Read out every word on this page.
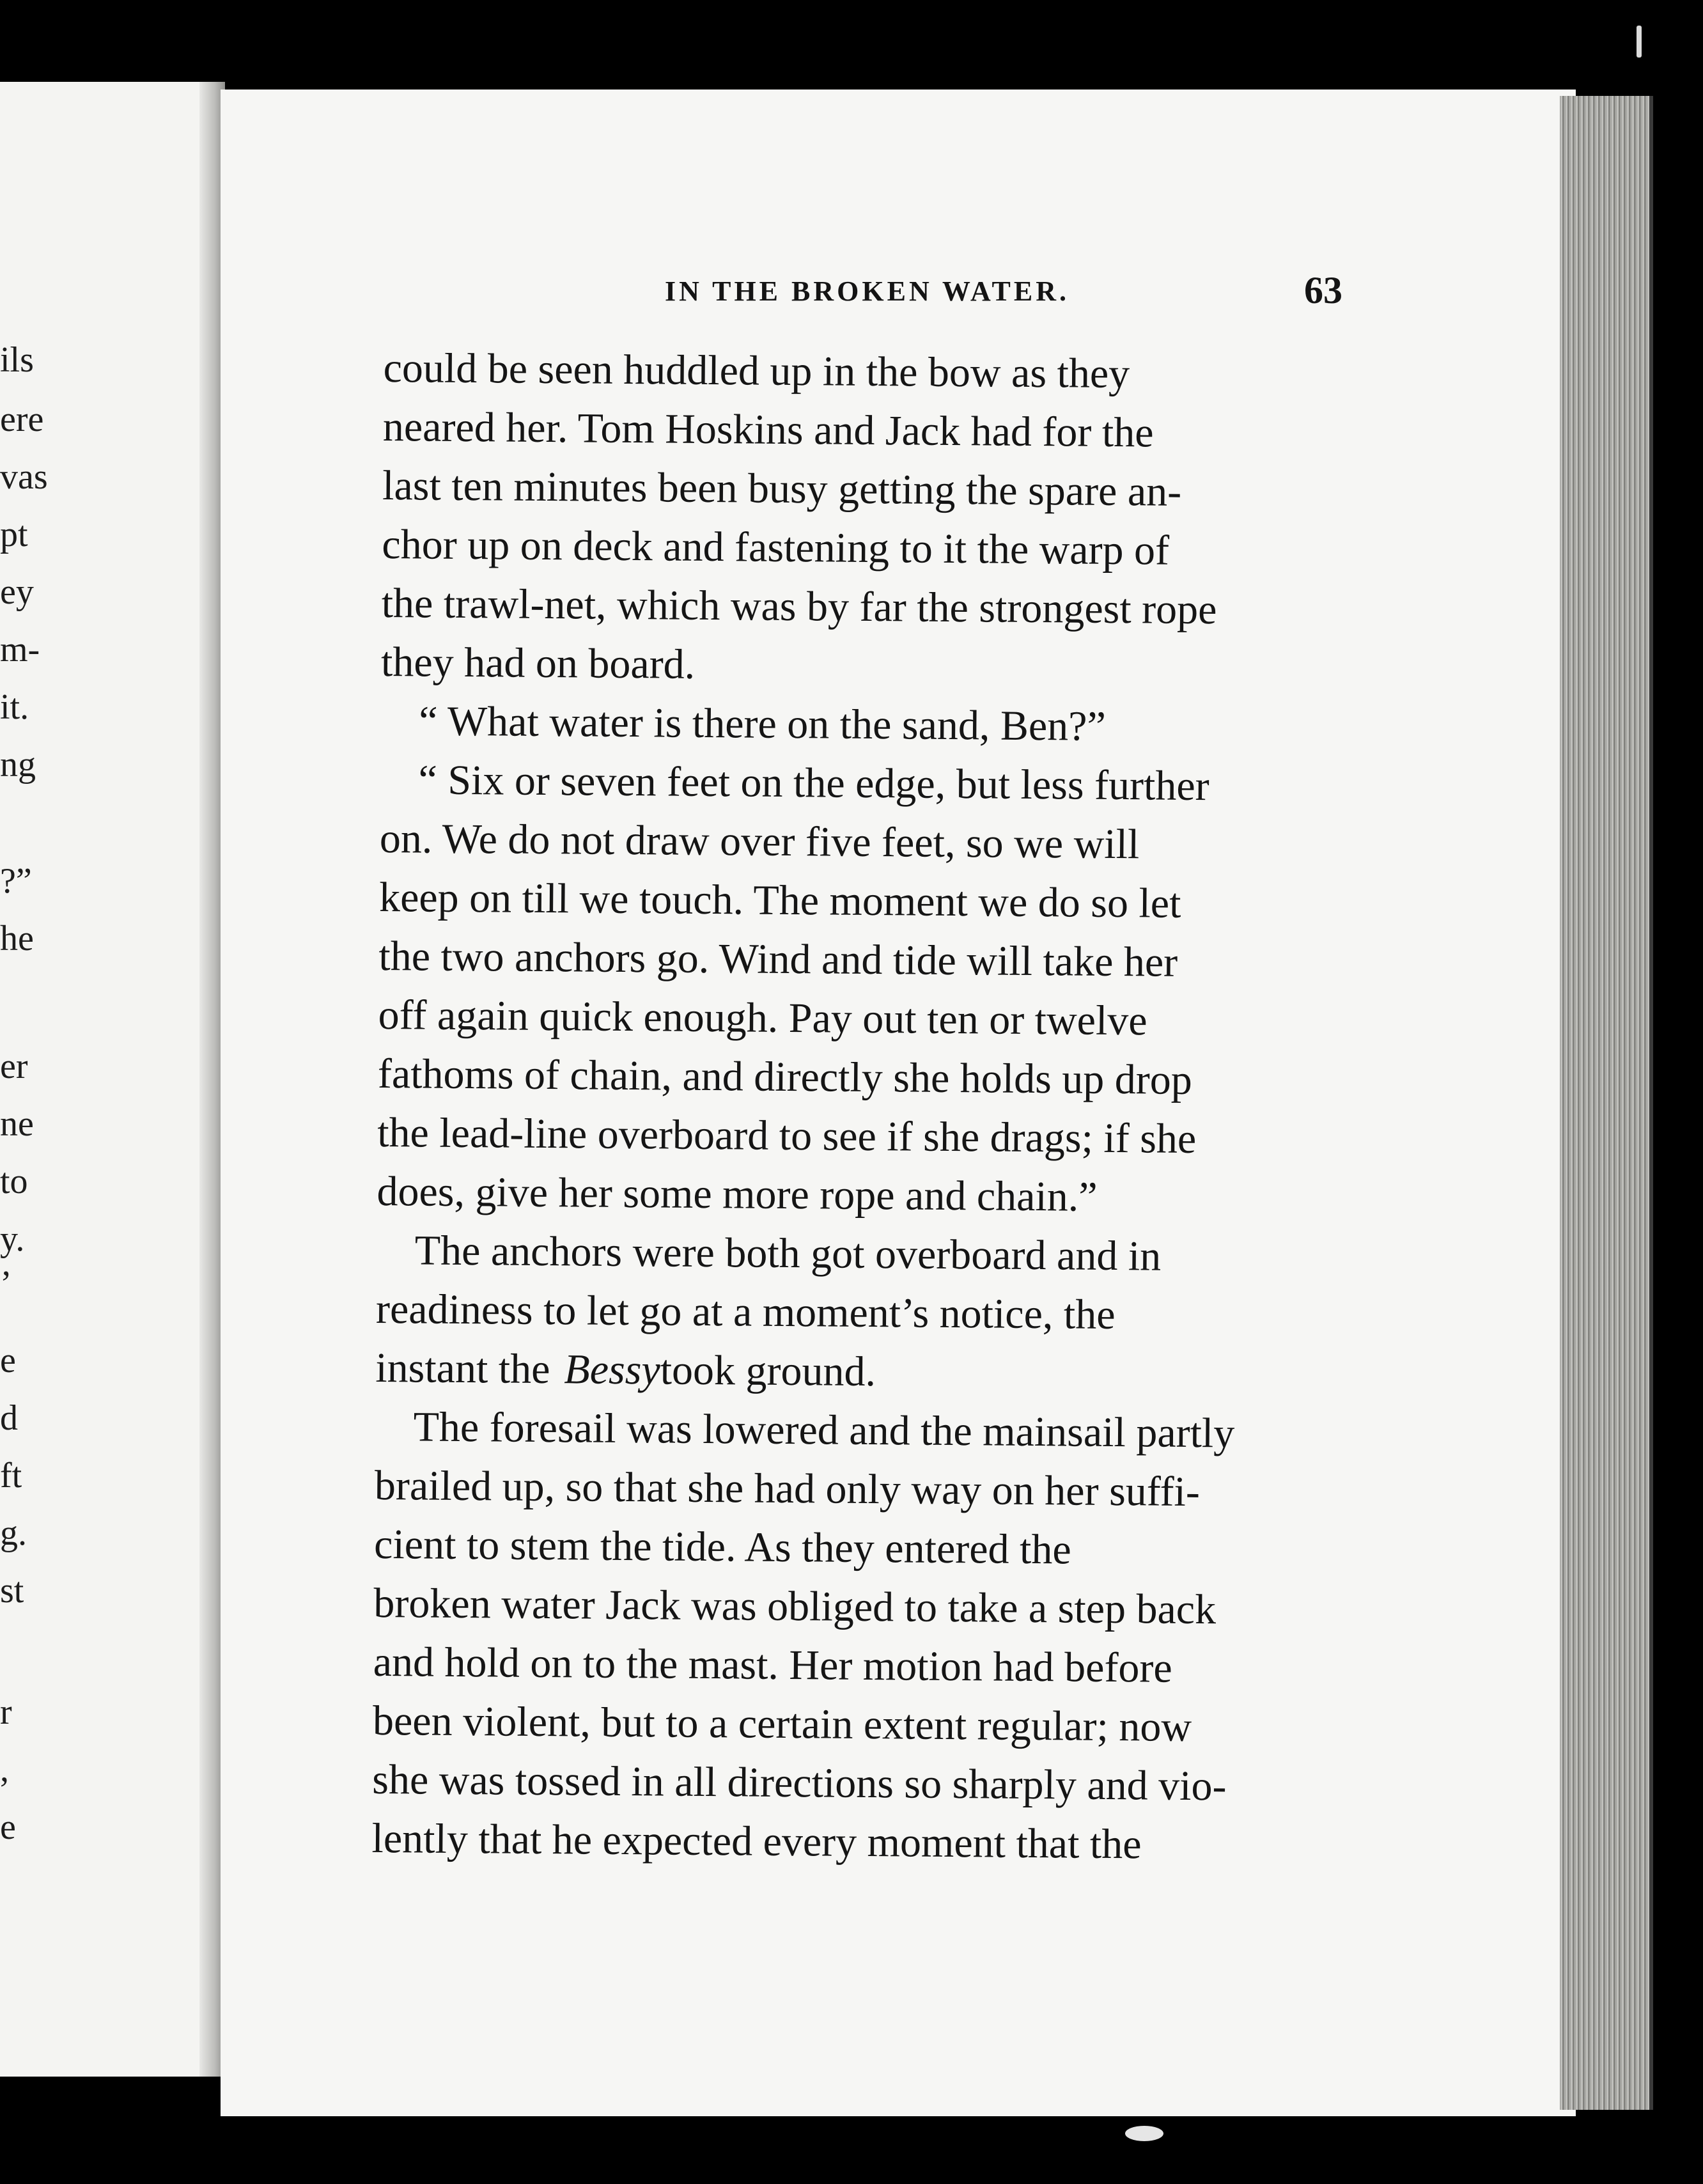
ils
ere
vas
pt
ey
m-
it.
ng
?”
he
er
ne
to
y.
’
e
d
ft
g.
st
r
,
e
IN THE BROKEN WATER.	63
could be seen huddled up in the bow as they
neared her. Tom Hoskins and Jack had for the
last ten minutes been busy getting the spare an-
chor up on deck and fastening to it the warp of
the trawl-net, which was by far the strongest rope
they had on board.
“ What water is there on the sand, Ben?”
“ Six or seven feet on the edge, but less further
on. We do not draw over five feet, so we will
keep on till we touch. The moment we do so let
the two anchors go. Wind and tide will take her
off again quick enough. Pay out ten or twelve
fathoms of chain, and directly she holds up drop
the lead-line overboard to see if she drags; if she
does, give her some more rope and chain.”
The anchors were both got overboard and in
readiness to let go at a moment’s notice, the
instant the Bessy took ground.
The foresail was lowered and the mainsail partly
brailed up, so that she had only way on her suffi-
cient to stem the tide. As they entered the
broken water Jack was obliged to take a step back
and hold on to the mast. Her motion had before
been violent, but to a certain extent regular; now
she was tossed in all directions so sharply and vio-
lently that he expected every moment that the
